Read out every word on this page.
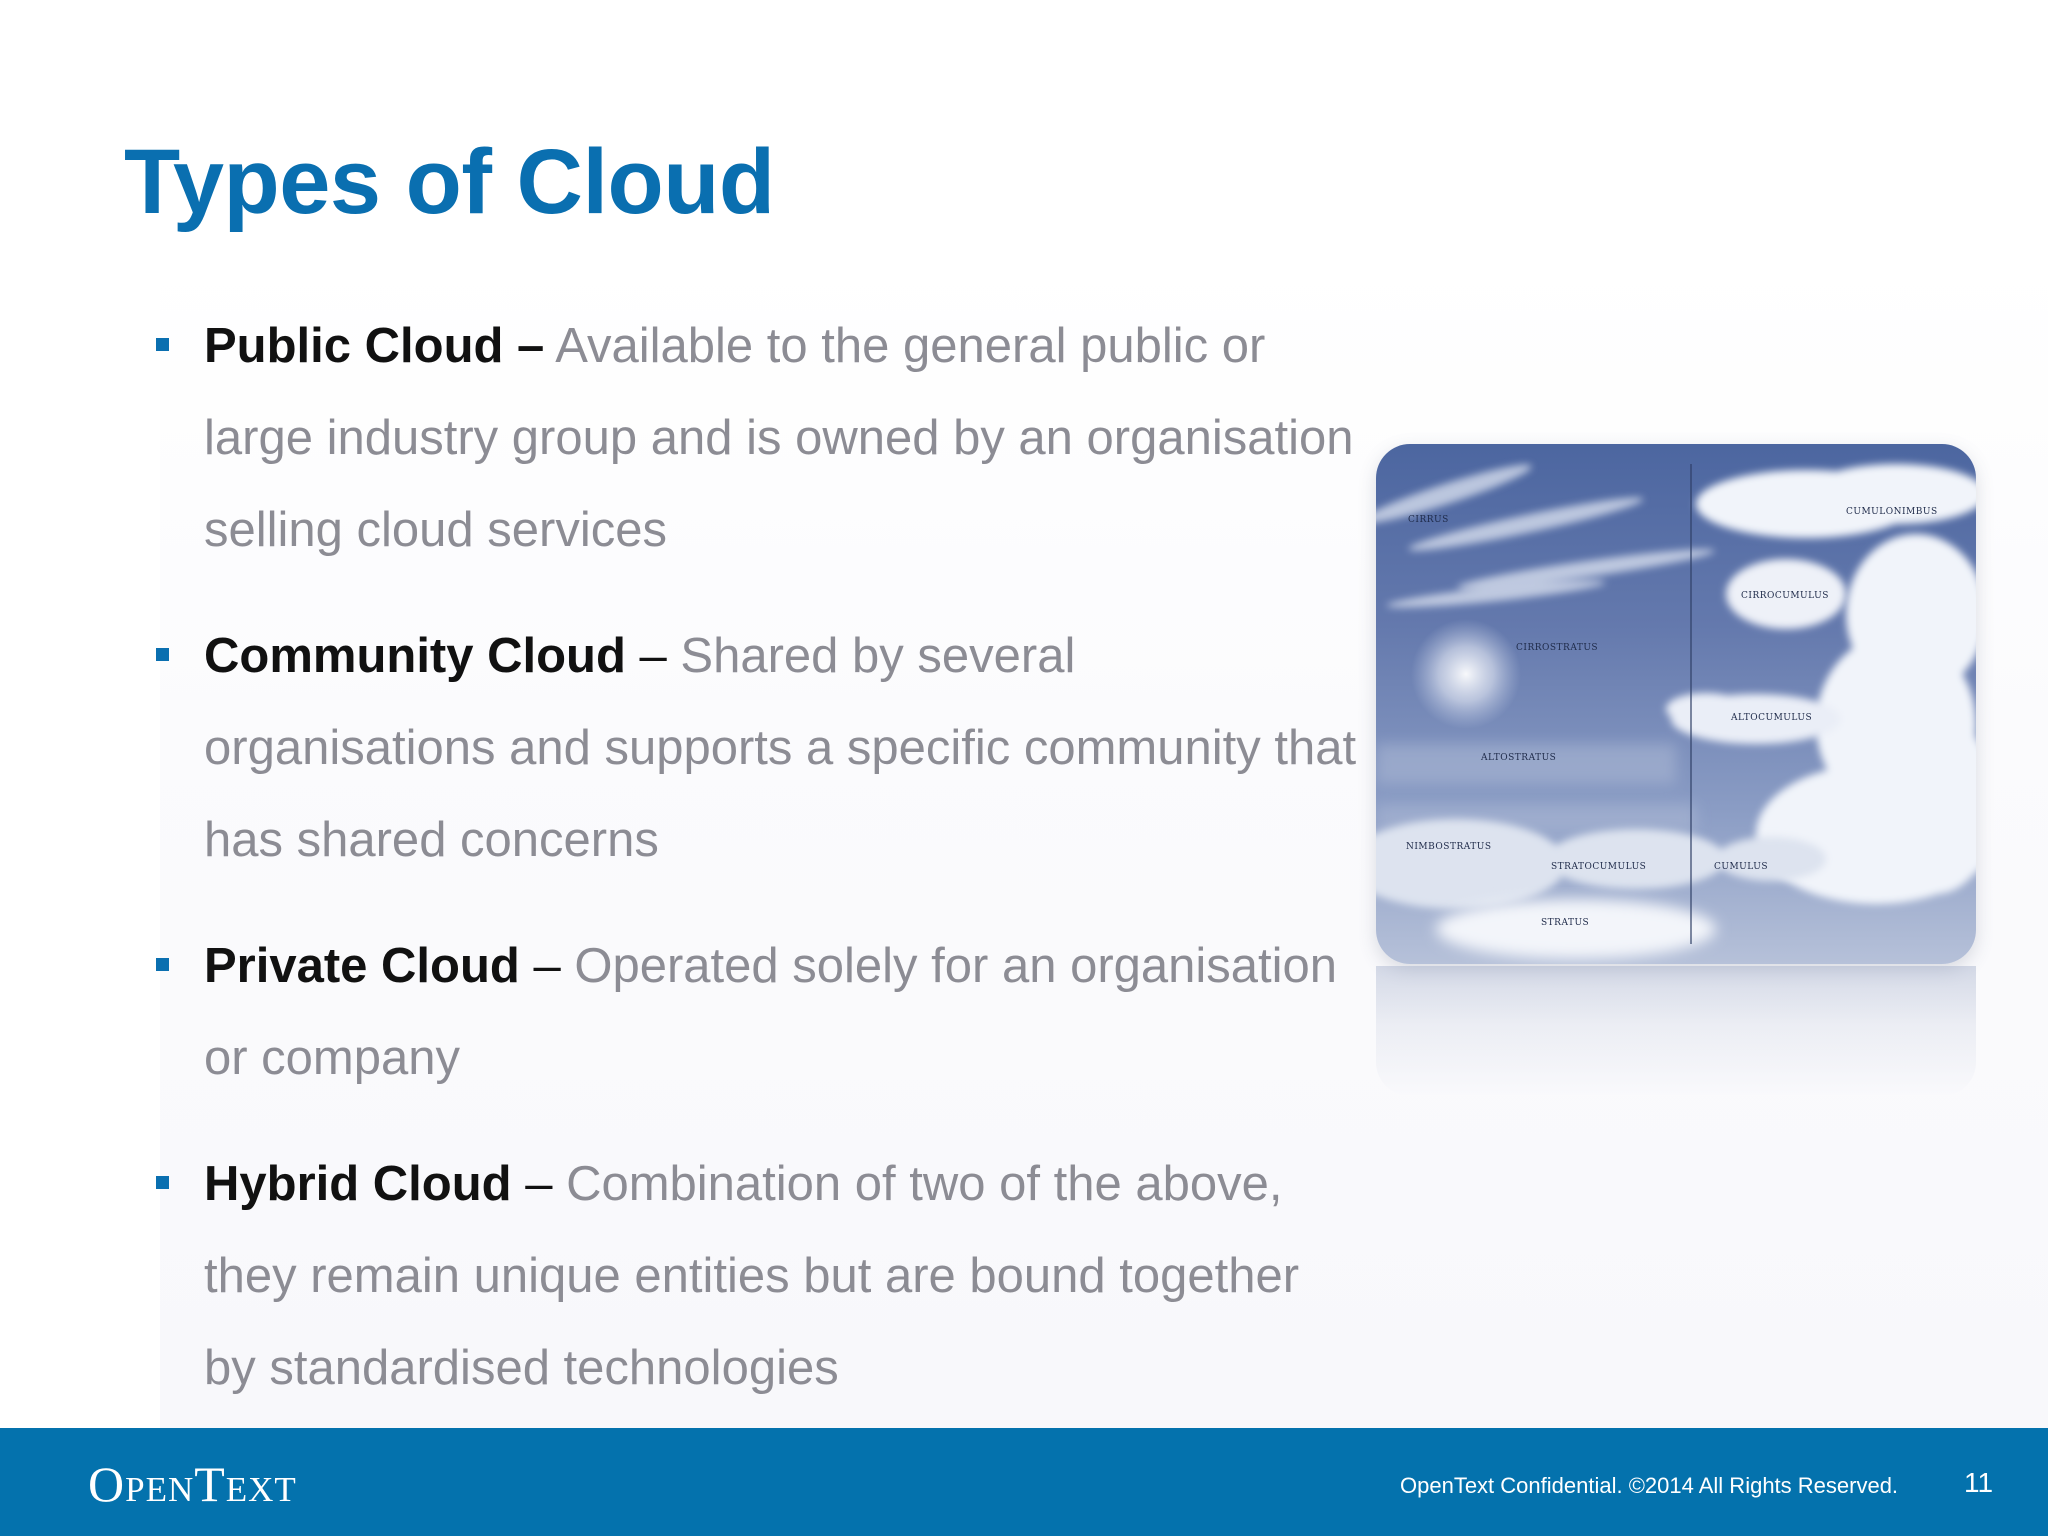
Types of Cloud
Public Cloud – Available to the general public or large industry group and is owned by an organisation selling cloud services
Community Cloud – Shared by several organisations and supports a specific community that has shared concerns
Private Cloud – Operated solely for an organisation or company
Hybrid Cloud – Combination of two of the above, they remain unique entities but are bound together by standardised technologies
CIRRUS
CUMULONIMBUS
CIRROCUMULUS
CIRROSTRATUS
ALTOCUMULUS
ALTOSTRATUS
NIMBOSTRATUS
STRATOCUMULUS	CUMULUS
STRATUS
OpenText	OpenText Confidential. ©2014 All Rights Reserved. 11
